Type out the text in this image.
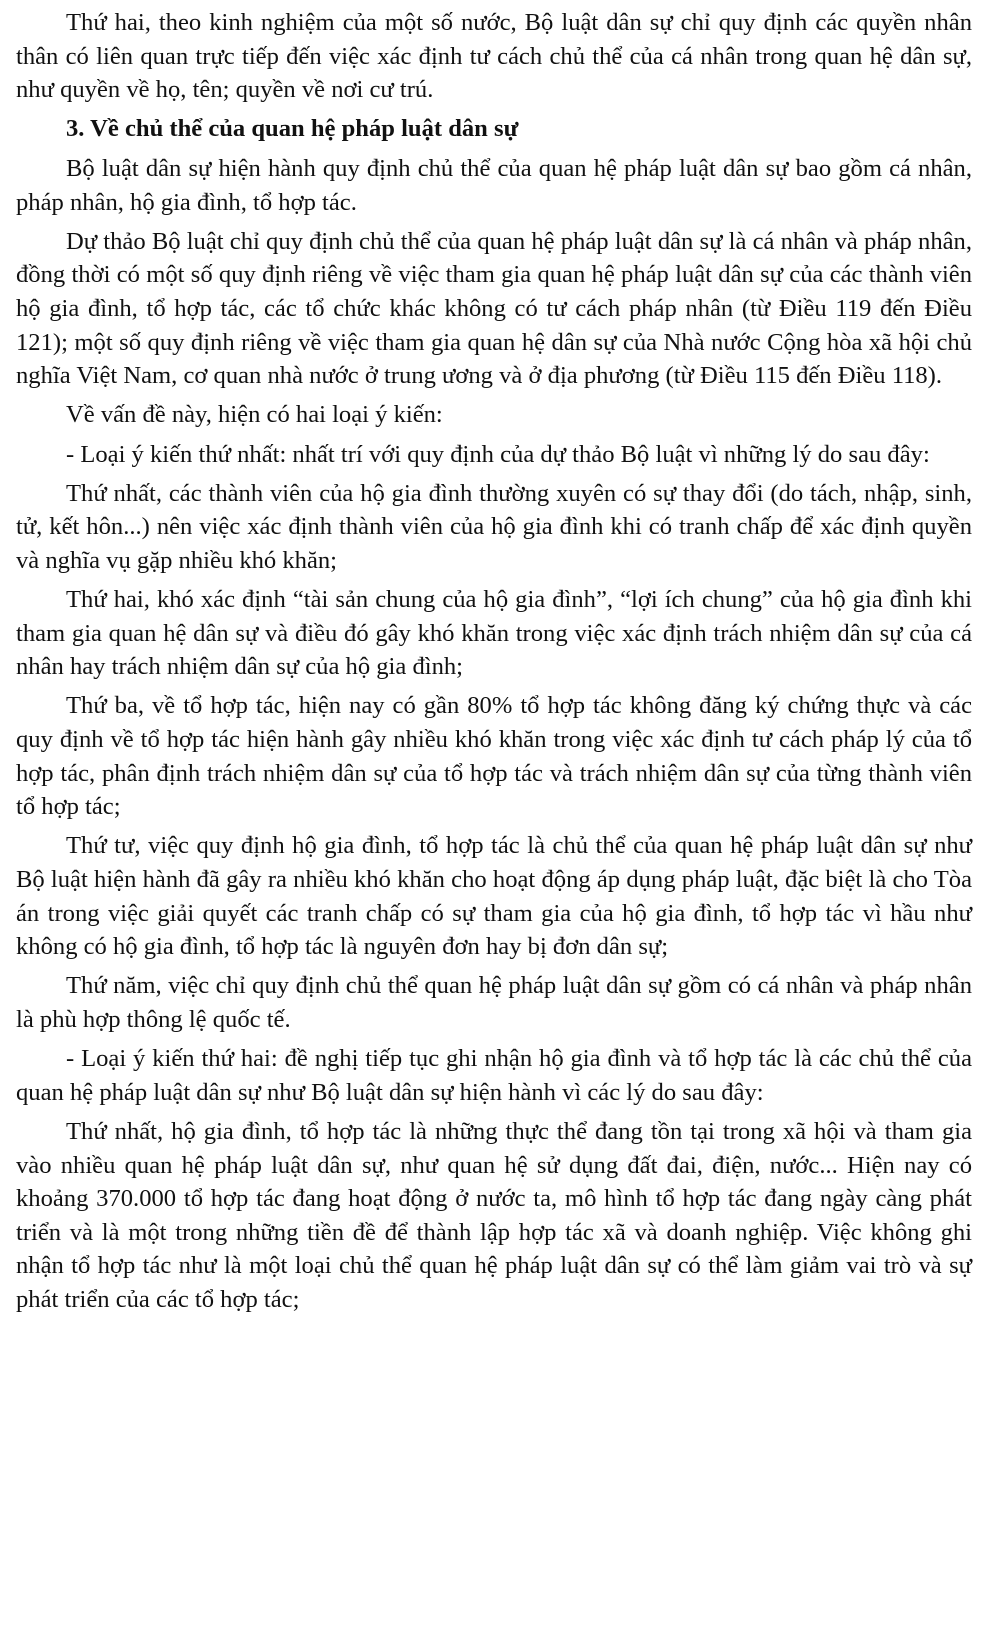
Thứ hai, theo kinh nghiệm của một số nước, Bộ luật dân sự chỉ quy định các quyền nhân thân có liên quan trực tiếp đến việc xác định tư cách chủ thể của cá nhân trong quan hệ dân sự, như quyền về họ, tên; quyền về nơi cư trú.

3. Về chủ thể của quan hệ pháp luật dân sự

Bộ luật dân sự hiện hành quy định chủ thể của quan hệ pháp luật dân sự bao gồm cá nhân, pháp nhân, hộ gia đình, tổ hợp tác.

Dự thảo Bộ luật chỉ quy định chủ thể của quan hệ pháp luật dân sự là cá nhân và pháp nhân, đồng thời có một số quy định riêng về việc tham gia quan hệ pháp luật dân sự của các thành viên hộ gia đình, tổ hợp tác, các tổ chức khác không có tư cách pháp nhân (từ Điều 119 đến Điều 121); một số quy định riêng về việc tham gia quan hệ dân sự của Nhà nước Cộng hòa xã hội chủ nghĩa Việt Nam, cơ quan nhà nước ở trung ương và ở địa phương (từ Điều 115 đến Điều 118).

Về vấn đề này, hiện có hai loại ý kiến:

- Loại ý kiến thứ nhất: nhất trí với quy định của dự thảo Bộ luật vì những lý do sau đây:

Thứ nhất, các thành viên của hộ gia đình thường xuyên có sự thay đổi (do tách, nhập, sinh, tử, kết hôn...) nên việc xác định thành viên của hộ gia đình khi có tranh chấp để xác định quyền và nghĩa vụ gặp nhiều khó khăn;

Thứ hai, khó xác định “tài sản chung của hộ gia đình”, “lợi ích chung” của hộ gia đình khi tham gia quan hệ dân sự và điều đó gây khó khăn trong việc xác định trách nhiệm dân sự của cá nhân hay trách nhiệm dân sự của hộ gia đình;

Thứ ba, về tổ hợp tác, hiện nay có gần 80% tổ hợp tác không đăng ký chứng thực và các quy định về tổ hợp tác hiện hành gây nhiều khó khăn trong việc xác định tư cách pháp lý của tổ hợp tác, phân định trách nhiệm dân sự của tổ hợp tác và trách nhiệm dân sự của từng thành viên tổ hợp tác;

Thứ tư, việc quy định hộ gia đình, tổ hợp tác là chủ thể của quan hệ pháp luật dân sự như Bộ luật hiện hành đã gây ra nhiều khó khăn cho hoạt động áp dụng pháp luật, đặc biệt là cho Tòa án trong việc giải quyết các tranh chấp có sự tham gia của hộ gia đình, tổ hợp tác vì hầu như không có hộ gia đình, tổ hợp tác là nguyên đơn hay bị đơn dân sự;

Thứ năm, việc chỉ quy định chủ thể quan hệ pháp luật dân sự gồm có cá nhân và pháp nhân là phù hợp thông lệ quốc tế.

- Loại ý kiến thứ hai: đề nghị tiếp tục ghi nhận hộ gia đình và tổ hợp tác là các chủ thể của quan hệ pháp luật dân sự như Bộ luật dân sự hiện hành vì các lý do sau đây:

Thứ nhất, hộ gia đình, tổ hợp tác là những thực thể đang tồn tại trong xã hội và tham gia vào nhiều quan hệ pháp luật dân sự, như quan hệ sử dụng đất đai, điện, nước... Hiện nay có khoảng 370.000 tổ hợp tác đang hoạt động ở nước ta, mô hình tổ hợp tác đang ngày càng phát triển và là một trong những tiền đề để thành lập hợp tác xã và doanh nghiệp. Việc không ghi nhận tổ hợp tác như là một loại chủ thể quan hệ pháp luật dân sự có thể làm giảm vai trò và sự phát triển của các tổ hợp tác;
